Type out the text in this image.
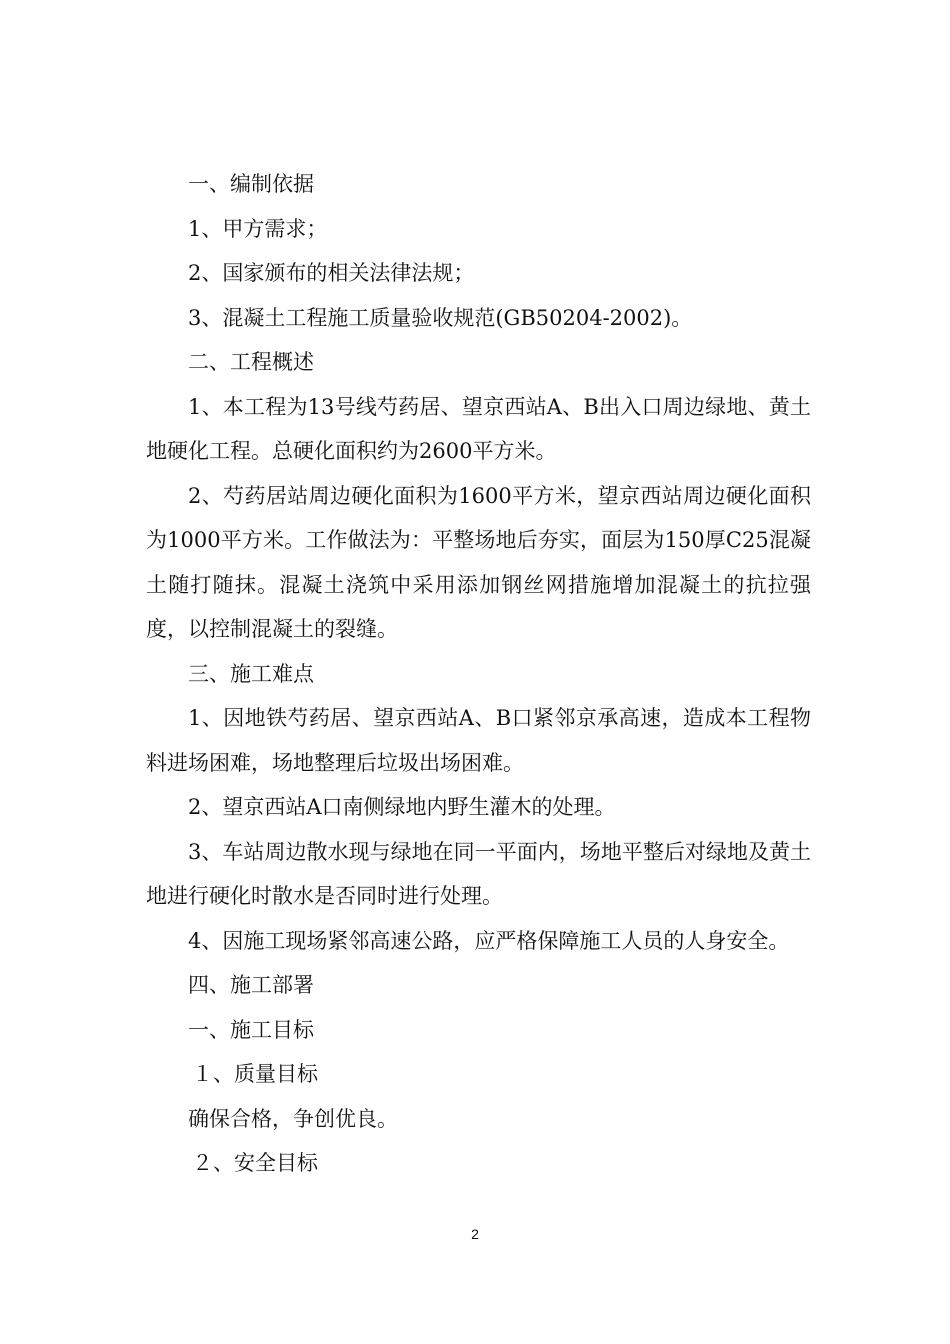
一、编制依据

1、甲方需求；

2、国家颁布的相关法律法规；

3、混凝土工程施工质量验收规范(GB50204-2002)。

二、工程概述

1、本工程为13号线芍药居、望京西站A、B出入口周边绿地、黄土地硬化工程。总硬化面积约为2600平方米。

2、芍药居站周边硬化面积为1600平方米，望京西站周边硬化面积为1000平方米。工作做法为：平整场地后夯实，面层为150厚C25混凝土随打随抹。混凝土浇筑中采用添加钢丝网措施增加混凝土的抗拉强度，以控制混凝土的裂缝。

三、施工难点

1、因地铁芍药居、望京西站A、B口紧邻京承高速，造成本工程物料进场困难，场地整理后垃圾出场困难。

2、望京西站A口南侧绿地内野生灌木的处理。

3、车站周边散水现与绿地在同一平面内，场地平整后对绿地及黄土地进行硬化时散水是否同时进行处理。

4、因施工现场紧邻高速公路，应严格保障施工人员的人身安全。

四、施工部署

一、施工目标

１、质量目标

确保合格，争创优良。

２、安全目标

2
